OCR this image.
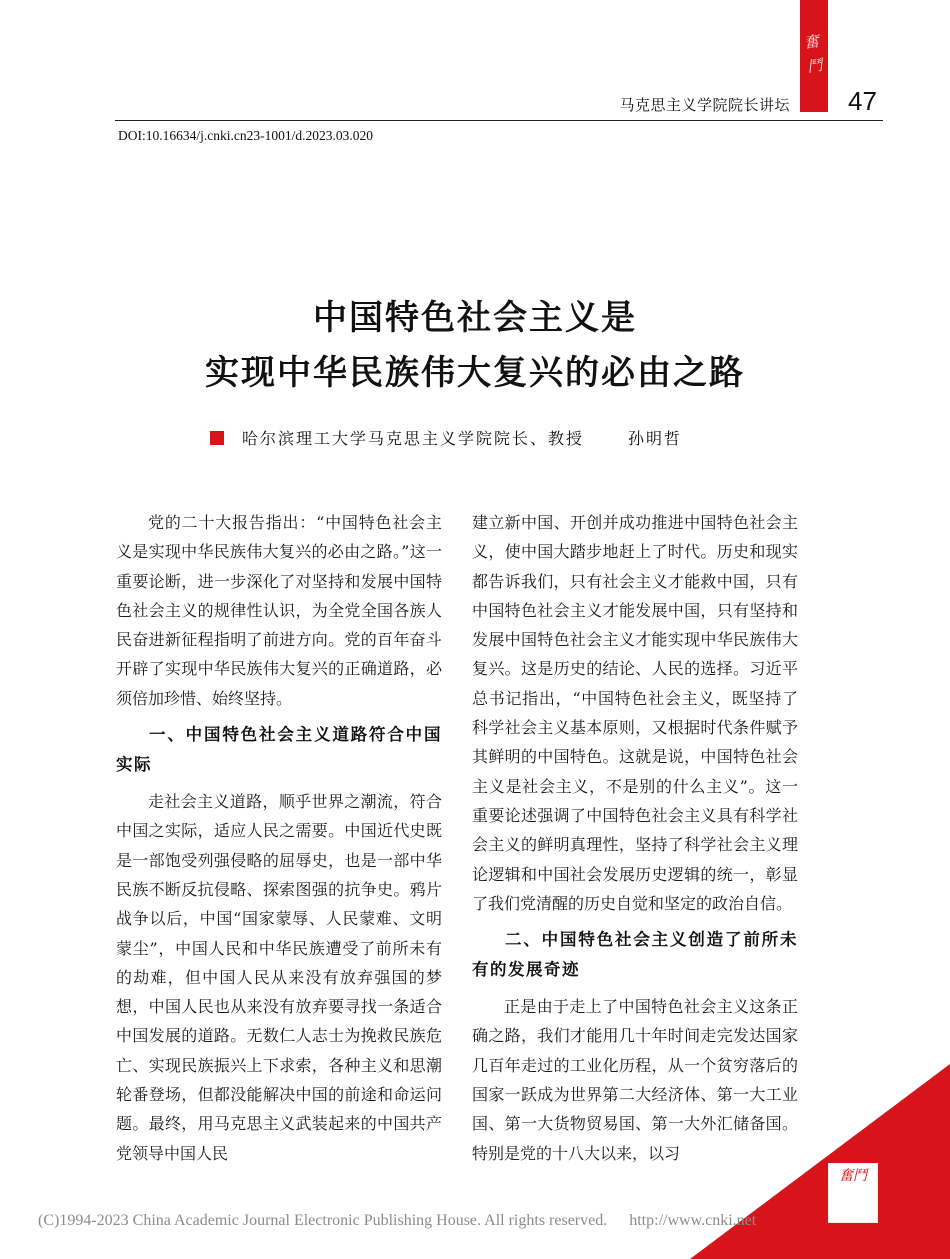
奮鬥
马克思主义学院院长讲坛 47
DOI:10.16634/j.cnki.cn23-1001/d.2023.03.020
中国特色社会主义是
实现中华民族伟大复兴的必由之路
哈尔滨理工大学马克思主义学院院长、教授	孙明哲

党的二十大报告指出：“中国特色社会主义是实现中华民族伟大复兴的必由之路。”这一重要论断，进一步深化了对坚持和发展中国特色社会主义的规律性认识，为全党全国各族人民奋进新征程指明了前进方向。党的百年奋斗开辟了实现中华民族伟大复兴的正确道路，必须倍加珍惜、始终坚持。

一、中国特色社会主义道路符合中国实际

走社会主义道路，顺乎世界之潮流，符合中国之实际，适应人民之需要。中国近代史既是一部饱受列强侵略的屈辱史，也是一部中华民族不断反抗侵略、探索图强的抗争史。鸦片战争以后，中国“国家蒙辱、人民蒙难、文明蒙尘”，中国人民和中华民族遭受了前所未有的劫难，但中国人民从来没有放弃强国的梦想，中国人民也从来没有放弃要寻找一条适合中国发展的道路。无数仁人志士为挽救民族危亡、实现民族振兴上下求索，各种主义和思潮轮番登场，但都没能解决中国的前途和命运问题。最终，用马克思主义武装起来的中国共产党领导中国人民

建立新中国、开创并成功推进中国特色社会主义，使中国大踏步地赶上了时代。历史和现实都告诉我们，只有社会主义才能救中国，只有中国特色社会主义才能发展中国，只有坚持和发展中国特色社会主义才能实现中华民族伟大复兴。这是历史的结论、人民的选择。习近平总书记指出，“中国特色社会主义，既坚持了科学社会主义基本原则，又根据时代条件赋予其鲜明的中国特色。这就是说，中国特色社会主义是社会主义，不是别的什么主义”。这一重要论述强调了中国特色社会主义具有科学社会主义的鲜明真理性，坚持了科学社会主义理论逻辑和中国社会发展历史逻辑的统一，彰显了我们党清醒的历史自觉和坚定的政治自信。

二、中国特色社会主义创造了前所未有的发展奇迹

正是由于走上了中国特色社会主义这条正确之路，我们才能用几十年时间走完发达国家几百年走过的工业化历程，从一个贫穷落后的国家一跃成为世界第二大经济体、第一大工业国、第一大货物贸易国、第一大外汇储备国。特别是党的十八大以来，以习

奮鬥
(C)1994-2023 China Academic Journal Electronic Publishing House. All rights reserved. http://www.cnki.net
